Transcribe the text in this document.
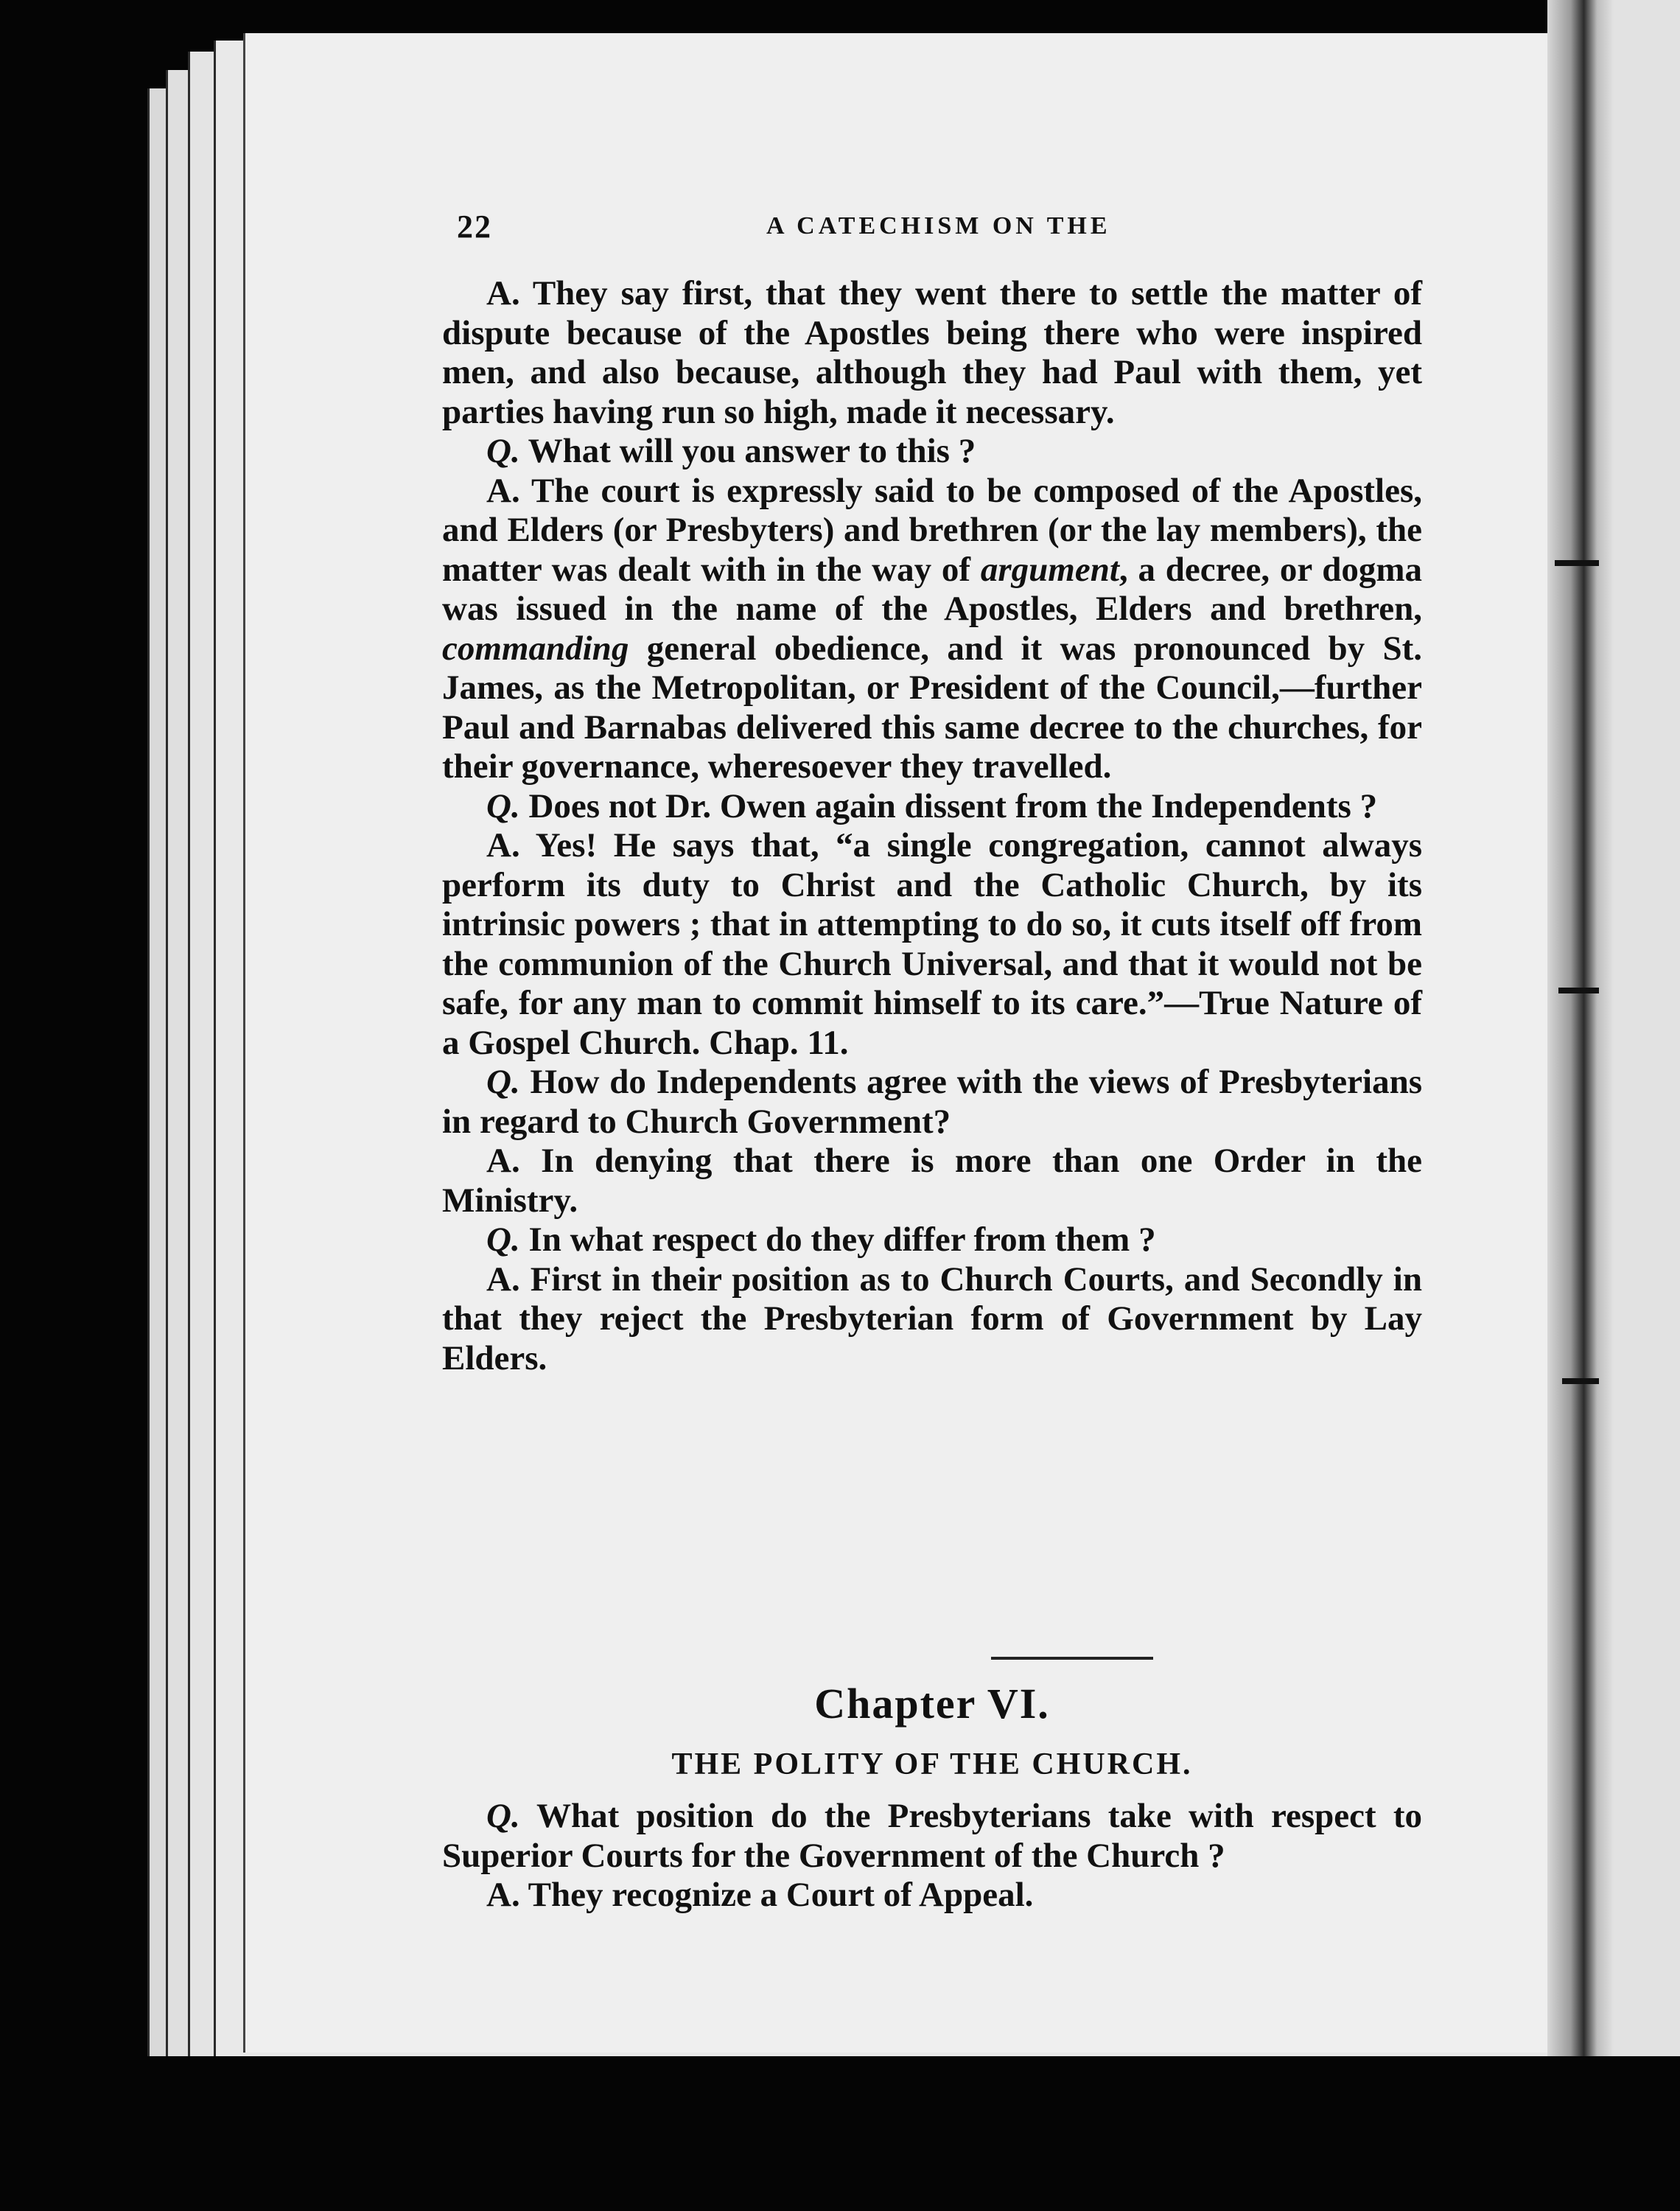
22	A CATECHISM ON THE

A. They say first, that they went there to settle the matter of dispute because of the Apostles being there who were inspired men, and also because, although they had Paul with them, yet parties having run so high, made it necessary.

Q. What will you answer to this ?

A. The court is expressly said to be composed of the Apostles, and Elders (or Presbyters) and brethren (or the lay members), the matter was dealt with in the way of argument, a decree, or dogma was issued in the name of the Apostles, Elders and brethren, commanding general obedience, and it was pronounced by St. James, as the Metropolitan, or President of the Council,—further Paul and Barnabas delivered this same decree to the churches, for their governance, wheresoever they travelled.

Q. Does not Dr. Owen again dissent from the Independents ?

A. Yes! He says that, “a single congregation, cannot always perform its duty to Christ and the Catholic Church, by its intrinsic powers ; that in attempting to do so, it cuts itself off from the communion of the Church Universal, and that it would not be safe, for any man to commit himself to its care.”—True Nature of a Gospel Church. Chap. 11.

Q. How do Independents agree with the views of Presbyterians in regard to Church Government?

A. In denying that there is more than one Order in the Ministry.

Q. In what respect do they differ from them ?

A. First in their position as to Church Courts, and Secondly in that they reject the Presbyterian form of Government by Lay Elders.

Chapter VI.
THE POLITY OF THE CHURCH.

Q. What position do the Presbyterians take with respect to Superior Courts for the Government of the Church ?

A. They recognize a Court of Appeal.
